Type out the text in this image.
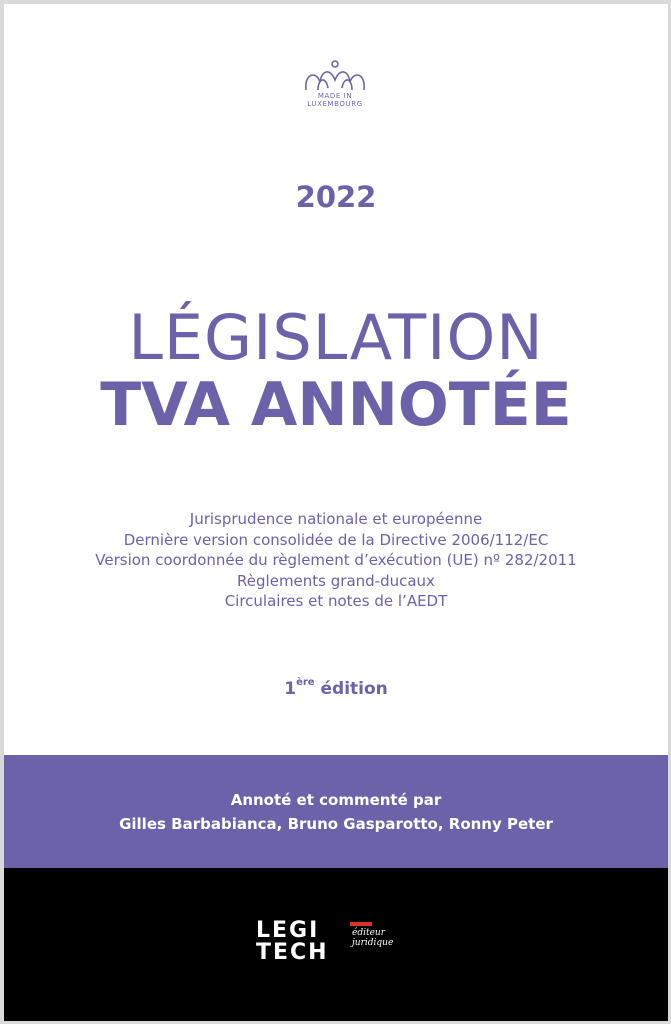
MADE IN
LUXEMBOURG
2022
LÉGISLATION
TVA ANNOTÉE
Jurisprudence nationale et européenne
Dernière version consolidée de la Directive 2006/112/EC
Version coordonnée du règlement d’exécution (UE) nº 282/2011
Règlements grand-ducaux
Circulaires et notes de l’AEDT
1ère édition
Annoté et commenté par
Gilles Barbabianca, Bruno Gasparotto, Ronny Peter
LEGI
TECH
éditeur juridique
